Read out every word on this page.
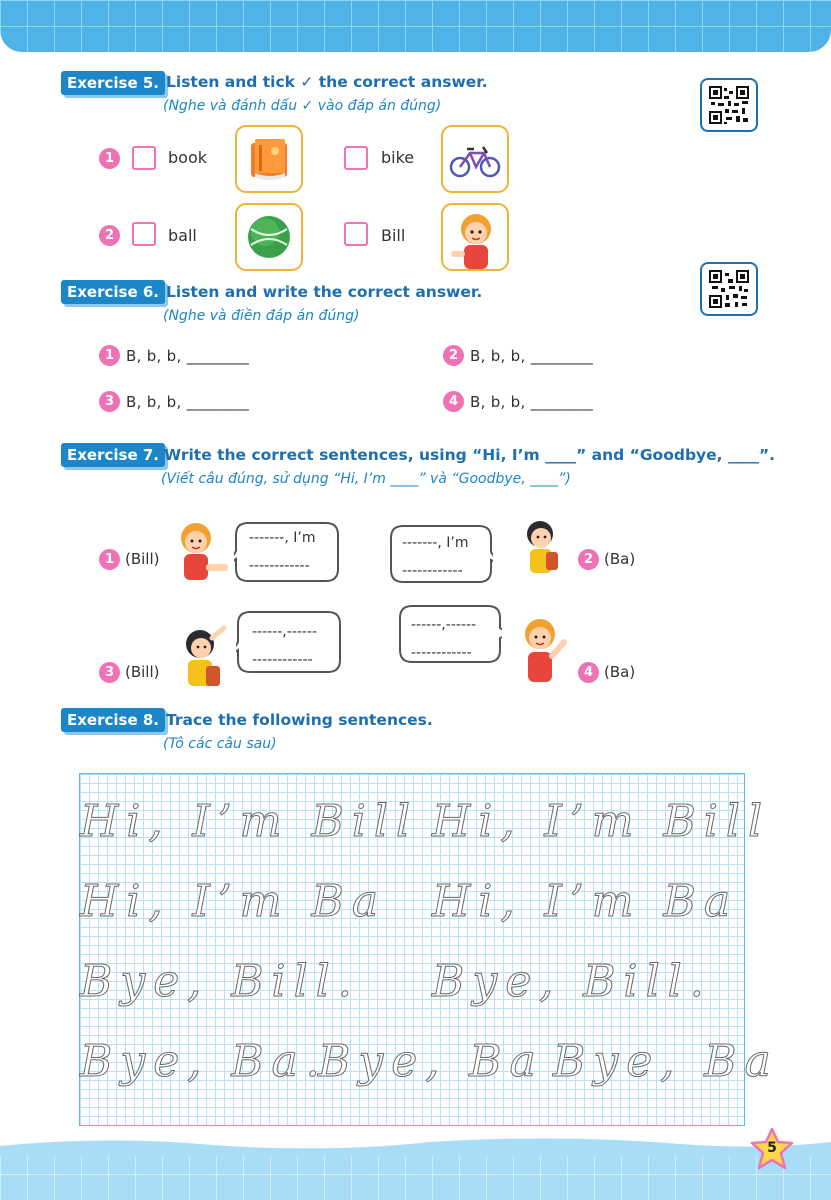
Exercise 5. Listen and tick ✓ the correct answer.
(Nghe và đánh dấu ✓ vào đáp án đúng)
1	book	bike
2	ball	Bill
Exercise 6. Listen and write the correct answer.
(Nghe và điền đáp án đúng)
1 B, b, b, ________	2 B, b, b, ________
3 B, b, b, ________	4 B, b, b, ________
Exercise 7. Write the correct sentences, using “Hi, I’m ____” and “Goodbye, ____”.
(Viết câu đúng, sử dụng “Hi, I’m ____” và “Goodbye, ____”)
1 (Bill)
-------, I’m
------------
-------, I’m
------------
2 (Ba)
3 (Bill)
------,------
------------
------,------
------------
4 (Ba)
Exercise 8. Trace the following sentences.
(Tô các câu sau)
Hi, I’m Bill Hi, I’m Bill
Hi, I’m Ba Hi, I’m Ba
Bye, Bill. Bye, Bill.
Bye, Ba.
Bye, Ba Bye, Ba
5
